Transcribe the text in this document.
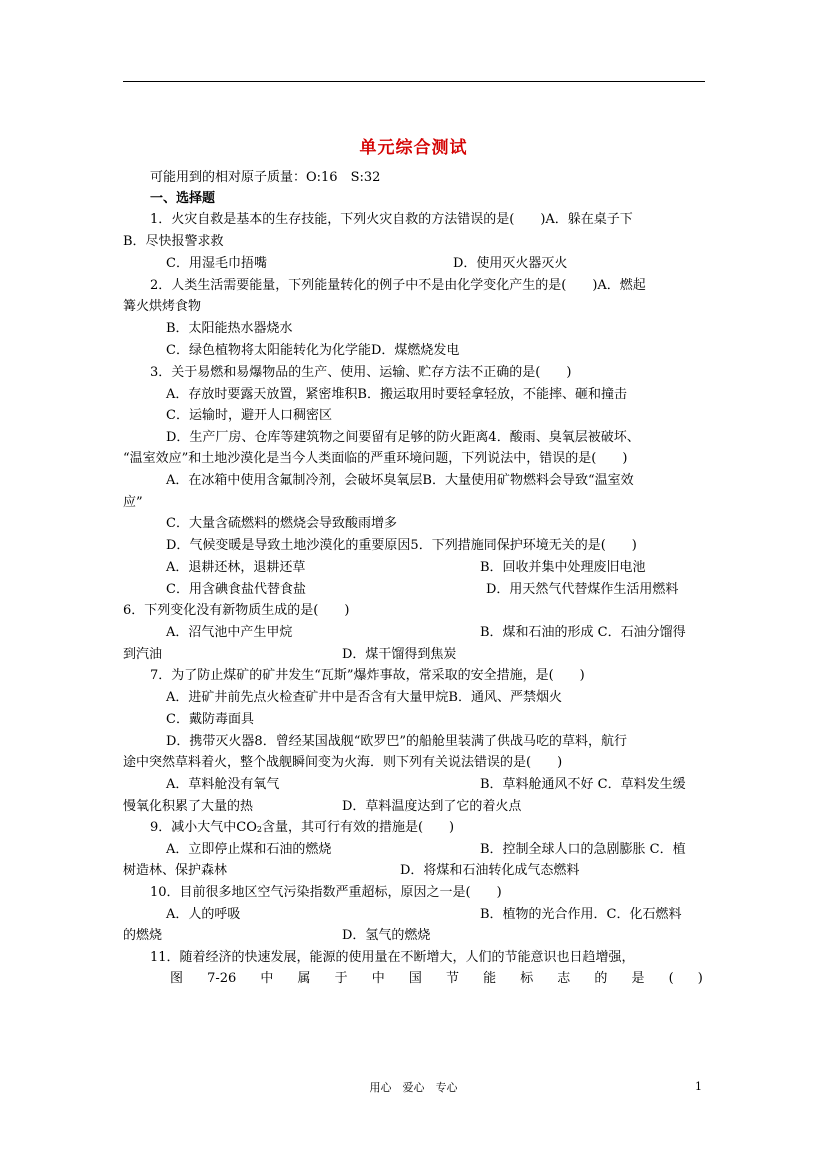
单元综合测试
可能用到的相对原子质量：O:16　S:32
一、选择题
1．火灾自救是基本的生存技能，下列火灾自救的方法错误的是(　　)A．躲在桌子下
B．尽快报警求救
C．用湿毛巾捂嘴	D．使用灭火器灭火
2．人类生活需要能量，下列能量转化的例子中不是由化学变化产生的是(　　)A．燃起
篝火烘烤食物
B．太阳能热水器烧水
C．绿色植物将太阳能转化为化学能D．煤燃烧发电
3．关于易燃和易爆物品的生产、使用、运输、贮存方法不正确的是(　　)
A．存放时要露天放置，紧密堆积B．搬运取用时要轻拿轻放，不能摔、砸和撞击
C．运输时，避开人口稠密区
D．生产厂房、仓库等建筑物之间要留有足够的防火距离4．酸雨、臭氧层被破坏、
“温室效应”和土地沙漠化是当今人类面临的严重环境问题，下列说法中，错误的是(　　)
A．在冰箱中使用含氟制冷剂，会破坏臭氧层B．大量使用矿物燃料会导致“温室效
应”
C．大量含硫燃料的燃烧会导致酸雨增多
D．气候变暖是导致土地沙漠化的重要原因5．下列措施同保护环境无关的是(　　)
A．退耕还林，退耕还草	B．回收并集中处理废旧电池
C．用含碘食盐代替食盐	D．用天然气代替煤作生活用燃料
6．下列变化没有新物质生成的是(　　)
A．沼气池中产生甲烷	B．煤和石油的形成 C．石油分馏得
到汽油	D．煤干馏得到焦炭
7．为了防止煤矿的矿井发生“瓦斯”爆炸事故，常采取的安全措施，是(　　)
A．进矿井前先点火检查矿井中是否含有大量甲烷B．通风、严禁烟火
C．戴防毒面具
D．携带灭火器8．曾经某国战舰“欧罗巴”的船舱里装满了供战马吃的草料，航行
途中突然草料着火，整个战舰瞬间变为火海．则下列有关说法错误的是(　　)
A．草料舱没有氧气	B．草料舱通风不好 C．草料发生缓
慢氧化积累了大量的热	D．草料温度达到了它的着火点
9．减小大气中$CO_2$含量，其可行有效的措施是(　　)
A．立即停止煤和石油的燃烧	B．控制全球人口的急剧膨胀 C．植
树造林、保护森林	D．将煤和石油转化成气态燃料
10．目前很多地区空气污染指数严重超标，原因之一是(　　)
A．人的呼吸	B．植物的光合作用．C．化石燃料
的燃烧	D．氢气的燃烧
11．随着经济的快速发展，能源的使用量在不断增大，人们的节能意识也日趋增强，
图 7-26 中 属 于 中 国 节 能 标 志 的 是 ( )
用心　爱心　专心	1
